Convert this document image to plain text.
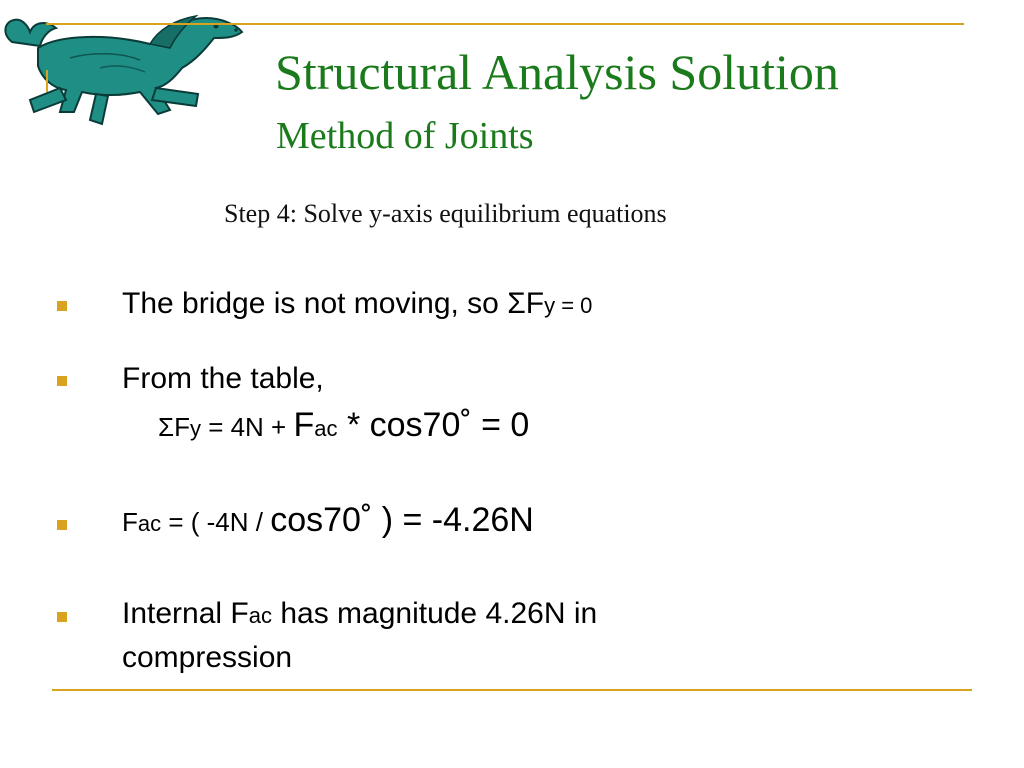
Structural Analysis Solution
Method of Joints
Step 4: Solve y-axis equilibrium equations
The bridge is not moving, so ΣFy = 0
From the table,
ΣFy = 4N + Fac * cos70˚ = 0
Fac = ( -4N / cos70˚ ) = -4.26N
Internal Fac has magnitude 4.26N in
compression
